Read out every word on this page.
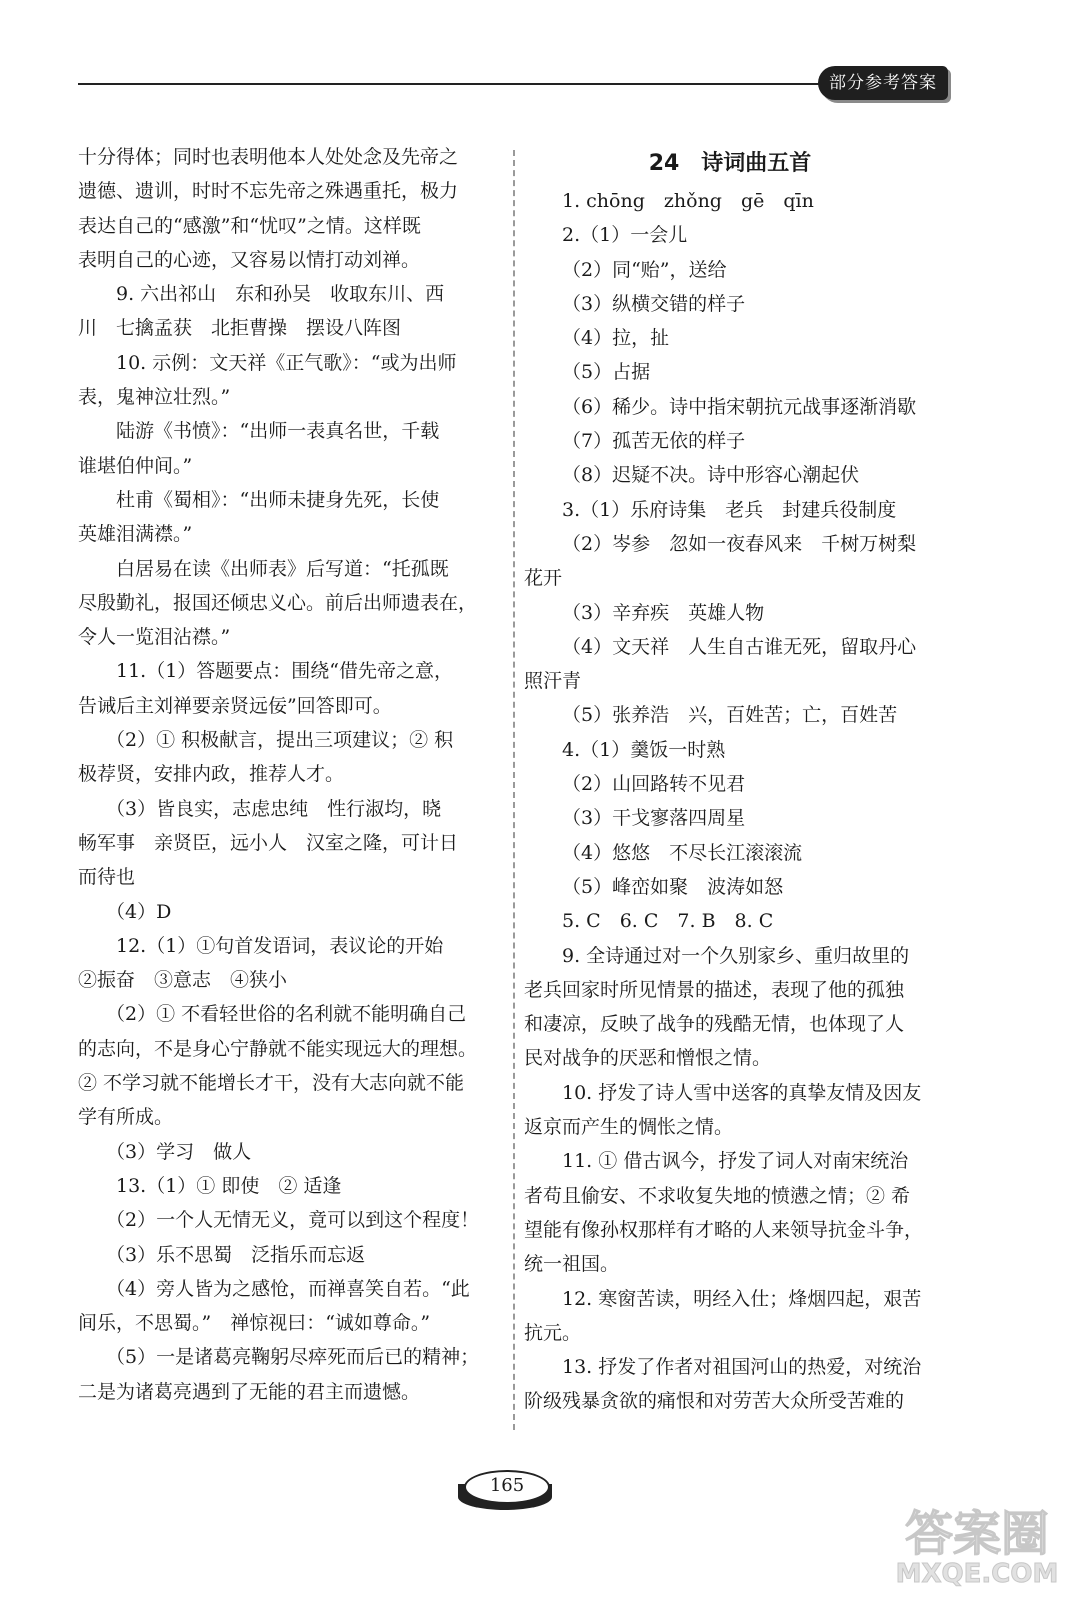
部分参考答案
十分得体；同时也表明他本人处处念及先帝之
遗德、遗训，时时不忘先帝之殊遇重托，极力
表达自己的“感激”和“忧叹”之情。这样既
表明自己的心迹，又容易以情打动刘禅。
9. 六出祁山　东和孙吴　收取东川、西
川　七擒孟获　北拒曹操　摆设八阵图
10. 示例：文天祥《正气歌》：“或为出师
表，鬼神泣壮烈。”
陆游《书愤》：“出师一表真名世，千载
谁堪伯仲间。”
杜甫《蜀相》：“出师未捷身先死，长使
英雄泪满襟。”
白居易在读《出师表》后写道：“托孤既
尽殷勤礼，报国还倾忠义心。前后出师遗表在，
令人一览泪沾襟。”
11.（1）答题要点：围绕“借先帝之意，
告诫后主刘禅要亲贤远佞”回答即可。
（2）① 积极献言，提出三项建议；② 积
极荐贤，安排内政，推荐人才。
（3）皆良实，志虑忠纯　性行淑均，晓
畅军事　亲贤臣，远小人　汉室之隆，可计日
而待也
（4）D
12.（1）①句首发语词，表议论的开始
②振奋　③意志　④狭小
（2）① 不看轻世俗的名利就不能明确自己
的志向，不是身心宁静就不能实现远大的理想。
② 不学习就不能增长才干，没有大志向就不能
学有所成。
（3）学习　做人
13.（1）① 即使　② 适逢
（2）一个人无情无义，竟可以到这个程度！
（3）乐不思蜀　泛指乐而忘返
（4）旁人皆为之感怆，而禅喜笑自若。“此
间乐，不思蜀。”　禅惊视曰：“诚如尊命。”
（5）一是诸葛亮鞠躬尽瘁死而后已的精神；
二是为诸葛亮遇到了无能的君主而遗憾。
24　诗词曲五首
1. chōng　zhǒng　gē　qīn
2.（1）一会儿
（2）同“贻”，送给
（3）纵横交错的样子
（4）拉，扯
（5）占据
（6）稀少。诗中指宋朝抗元战事逐渐消歇
（7）孤苦无依的样子
（8）迟疑不决。诗中形容心潮起伏
3.（1）乐府诗集　老兵　封建兵役制度
（2）岑参　忽如一夜春风来　千树万树梨
花开
（3）辛弃疾　英雄人物
（4）文天祥　人生自古谁无死，留取丹心
照汗青
（5）张养浩　兴，百姓苦；亡，百姓苦
4.（1）羹饭一时熟
（2）山回路转不见君
（3）干戈寥落四周星
（4）悠悠　不尽长江滚滚流
（5）峰峦如聚　波涛如怒
5. C　6. C　7. B　8. C
9. 全诗通过对一个久别家乡、重归故里的
老兵回家时所见情景的描述，表现了他的孤独
和凄凉，反映了战争的残酷无情，也体现了人
民对战争的厌恶和憎恨之情。
10. 抒发了诗人雪中送客的真挚友情及因友
返京而产生的惆怅之情。
11. ① 借古讽今，抒发了词人对南宋统治
者苟且偷安、不求收复失地的愤懑之情；② 希
望能有像孙权那样有才略的人来领导抗金斗争，
统一祖国。
12. 寒窗苦读，明经入仕；烽烟四起，艰苦
抗元。
13. 抒发了作者对祖国河山的热爱，对统治
阶级残暴贪欲的痛恨和对劳苦大众所受苦难的
165
答案圈
MXQE.COM
